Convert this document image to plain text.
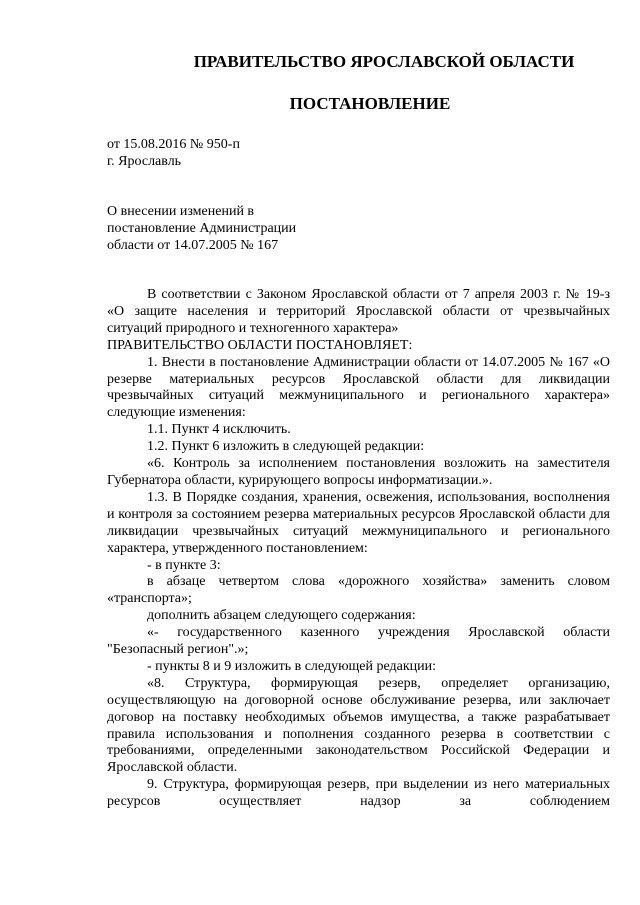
ПРАВИТЕЛЬСТВО ЯРОСЛАВСКОЙ ОБЛАСТИ
ПОСТАНОВЛЕНИЕ
от 15.08.2016 № 950-п
г. Ярославль
О внесении изменений в
постановление Администрации
области от 14.07.2005 № 167

В соответствии с Законом Ярославской области от 7 апреля 2003 г. № 19-з «О защите населения и территорий Ярославской области от чрезвычайных ситуаций природного и техногенного характера»

ПРАВИТЕЛЬСТВО ОБЛАСТИ ПОСТАНОВЛЯЕТ:

1. Внести в постановление Администрации области от 14.07.2005 № 167 «О резерве материальных ресурсов Ярославской области для ликвидации чрезвычайных ситуаций межмуниципального и регионального характера» следующие изменения:

1.1. Пункт 4 исключить.

1.2. Пункт 6 изложить в следующей редакции:

«6. Контроль за исполнением постановления возложить на заместителя Губернатора области, курирующего вопросы информатизации.».

1.3. В Порядке создания, хранения, освежения, использования, восполнения и контроля за состоянием резерва материальных ресурсов Ярославской области для ликвидации чрезвычайных ситуаций межмуниципального и регионального характера, утвержденного постановлением:

- в пункте 3:

в абзаце четвертом слова «дорожного хозяйства» заменить словом «транспорта»;

дополнить абзацем следующего содержания:

«- государственного казенного учреждения Ярославской области "Безопасный регион".»;

- пункты 8 и 9 изложить в следующей редакции:

«8. Структура, формирующая резерв, определяет организацию, осуществляющую на договорной основе обслуживание резерва, или заключает договор на поставку необходимых объемов имущества, а также разрабатывает правила использования и пополнения созданного резерва в соответствии с требованиями, определенными законодательством Российской Федерации и Ярославской области.

9. Структура, формирующая резерв, при выделении из него материальных ресурсов осуществляет надзор за соблюдением
